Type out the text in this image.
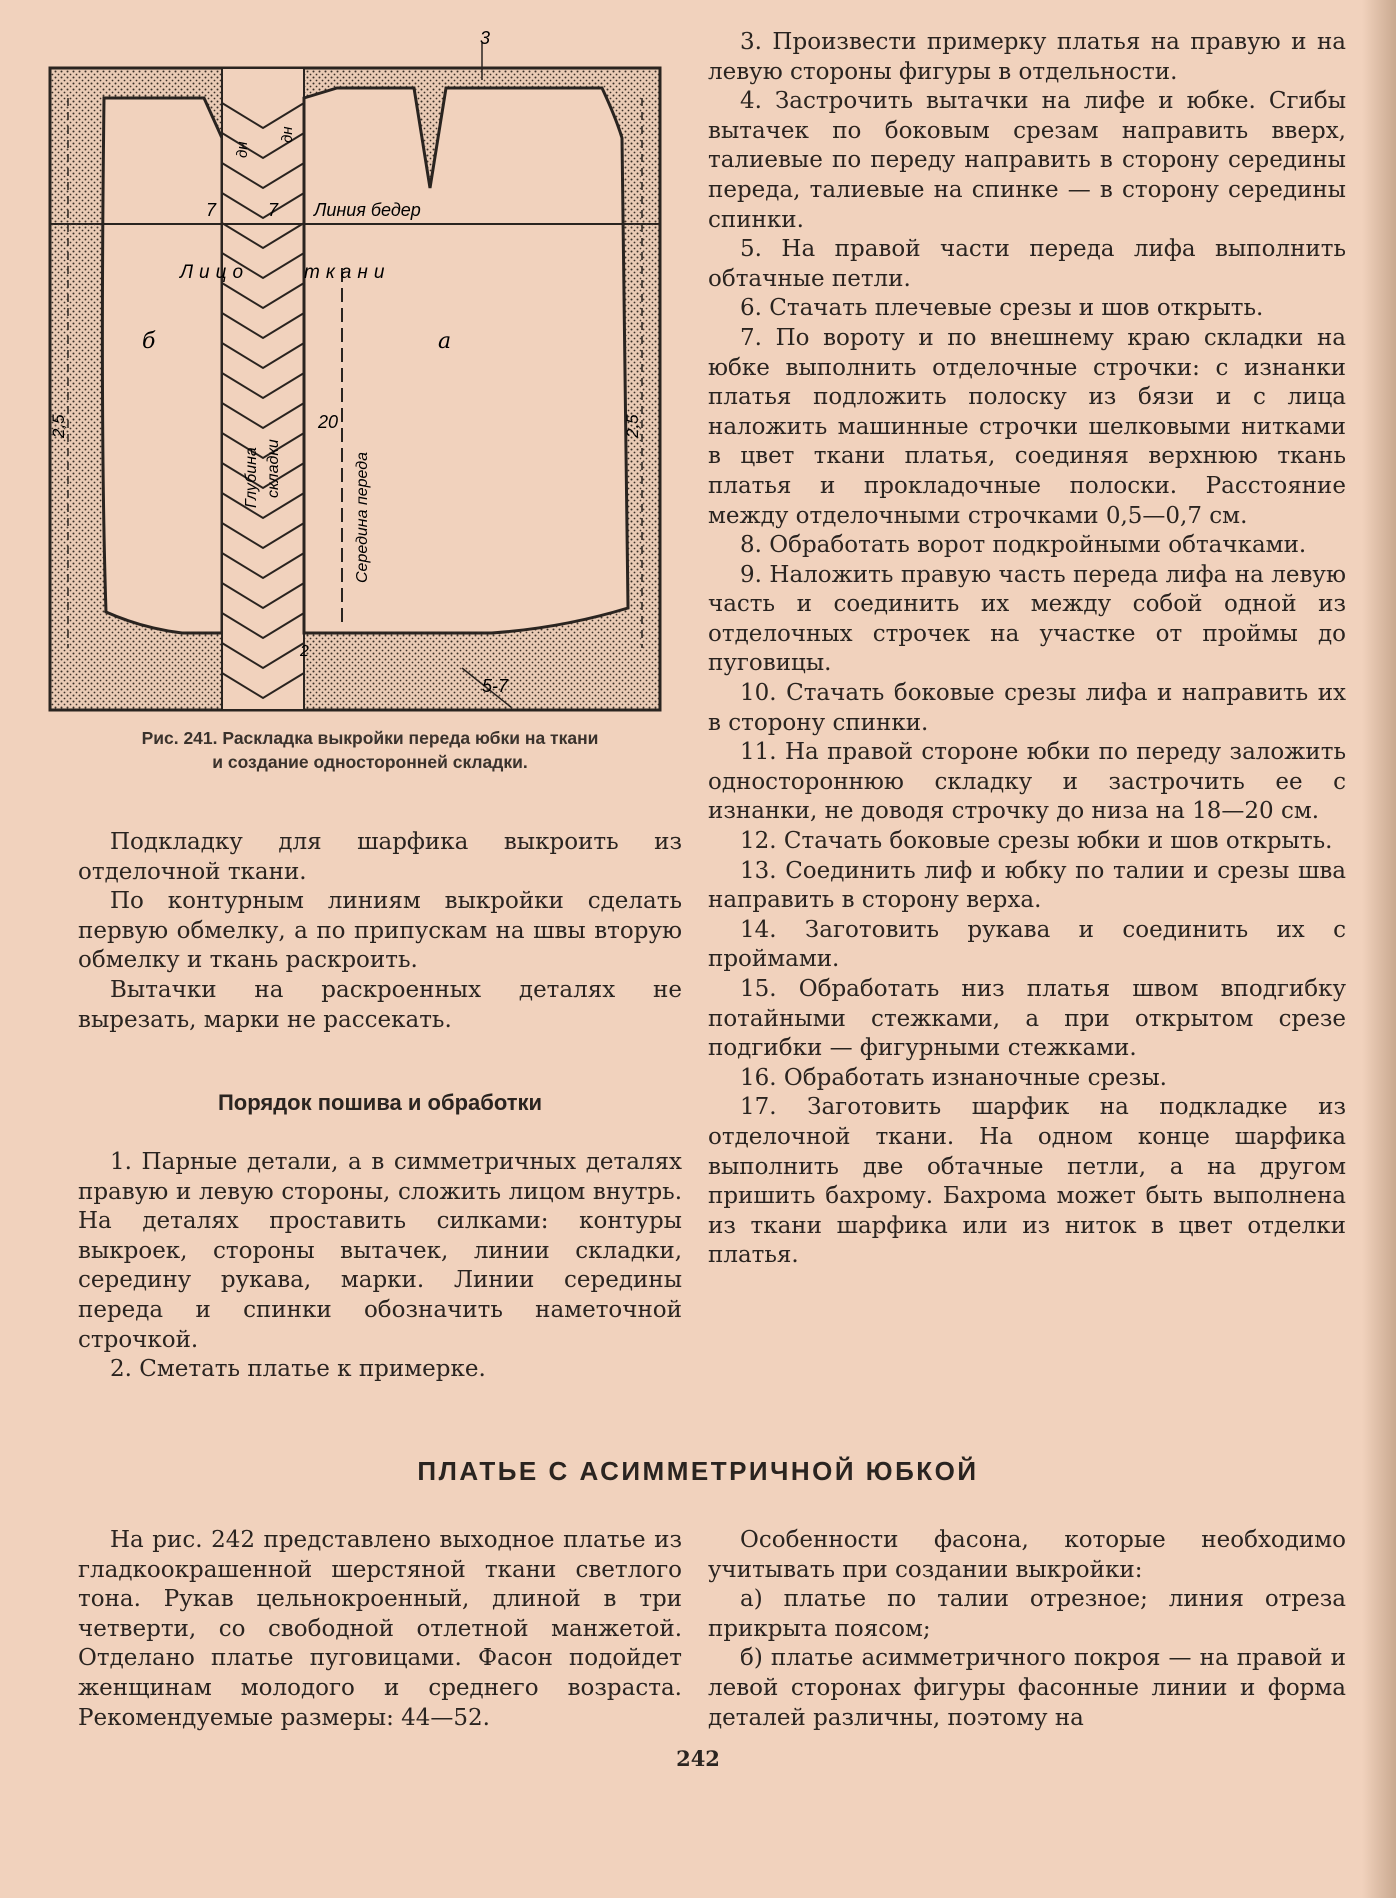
3
5-7
2,5	2,5
дн
дн
7	7 Линия бедер
Лицо	ткани
б	а
Глубина складки
20
Середина переда
2
Рис. 241. Раскладка выкройки переда юбки на ткани
и создание односторонней складки.

Подкладку для шарфика выкроить из отделочной ткани.

По контурным линиям выкройки сделать первую обмелку, а по припускам на швы вторую обмелку и ткань раскроить.

Вытачки на раскроенных деталях не вырезать, марки не рассекать.

Порядок пошива и обработки

1. Парные детали, а в симметричных деталях правую и левую стороны, сложить лицом внутрь. На деталях проставить силками: контуры выкроек, стороны вытачек, линии складки, середину рукава, марки. Линии середины переда и спинки обозначить наметочной строчкой.

2. Сметать платье к примерке.

3. Произвести примерку платья на правую и на левую стороны фигуры в отдельности.

4. Застрочить вытачки на лифе и юбке. Сгибы вытачек по боковым срезам направить вверх, талиевые по переду направить в сторону середины переда, талиевые на спинке — в сторону середины спинки.

5. На правой части переда лифа выполнить обтачные петли.

6. Стачать плечевые срезы и шов открыть.

7. По вороту и по внешнему краю складки на юбке выполнить отделочные строчки: с изнанки платья подложить полоску из бязи и с лица наложить машинные строчки шелковыми нитками в цвет ткани платья, соединяя верхнюю ткань платья и прокладочные полоски. Расстояние между отделочными строчками 0,5—0,7 см.

8. Обработать ворот подкройными обтачками.

9. Наложить правую часть переда лифа на левую часть и соединить их между собой одной из отделочных строчек на участке от проймы до пуговицы.

10. Стачать боковые срезы лифа и направить их в сторону спинки.

11. На правой стороне юбки по переду заложить одностороннюю складку и застрочить ее с изнанки, не доводя строчку до низа на 18—20 см.

12. Стачать боковые срезы юбки и шов открыть.

13. Соединить лиф и юбку по талии и срезы шва направить в сторону верха.

14. Заготовить рукава и соединить их с проймами.

15. Обработать низ платья швом вподгибку потайными стежками, а при открытом срезе подгибки — фигурными стежками.

16. Обработать изнаночные срезы.

17. Заготовить шарфик на подкладке из отделочной ткани. На одном конце шарфика выполнить две обтачные петли, а на другом пришить бахрому. Бахрома может быть выполнена из ткани шарфика или из ниток в цвет отделки платья.

ПЛАТЬЕ С АСИММЕТРИЧНОЙ ЮБКОЙ

На рис. 242 представлено выходное платье из гладкоокрашенной шерстяной ткани светлого тона. Рукав цельнокроенный, длиной в три четверти, со свободной отлетной манжетой. Отделано платье пуговицами. Фасон подойдет женщинам молодого и среднего возраста. Рекомендуемые размеры: 44—52.

Особенности фасона, которые необходимо учитывать при создании выкройки:

а) платье по талии отрезное; линия отреза прикрыта поясом;

б) платье асимметричного покроя — на правой и левой сторонах фигуры фасонные линии и форма деталей различны, поэтому на

242
